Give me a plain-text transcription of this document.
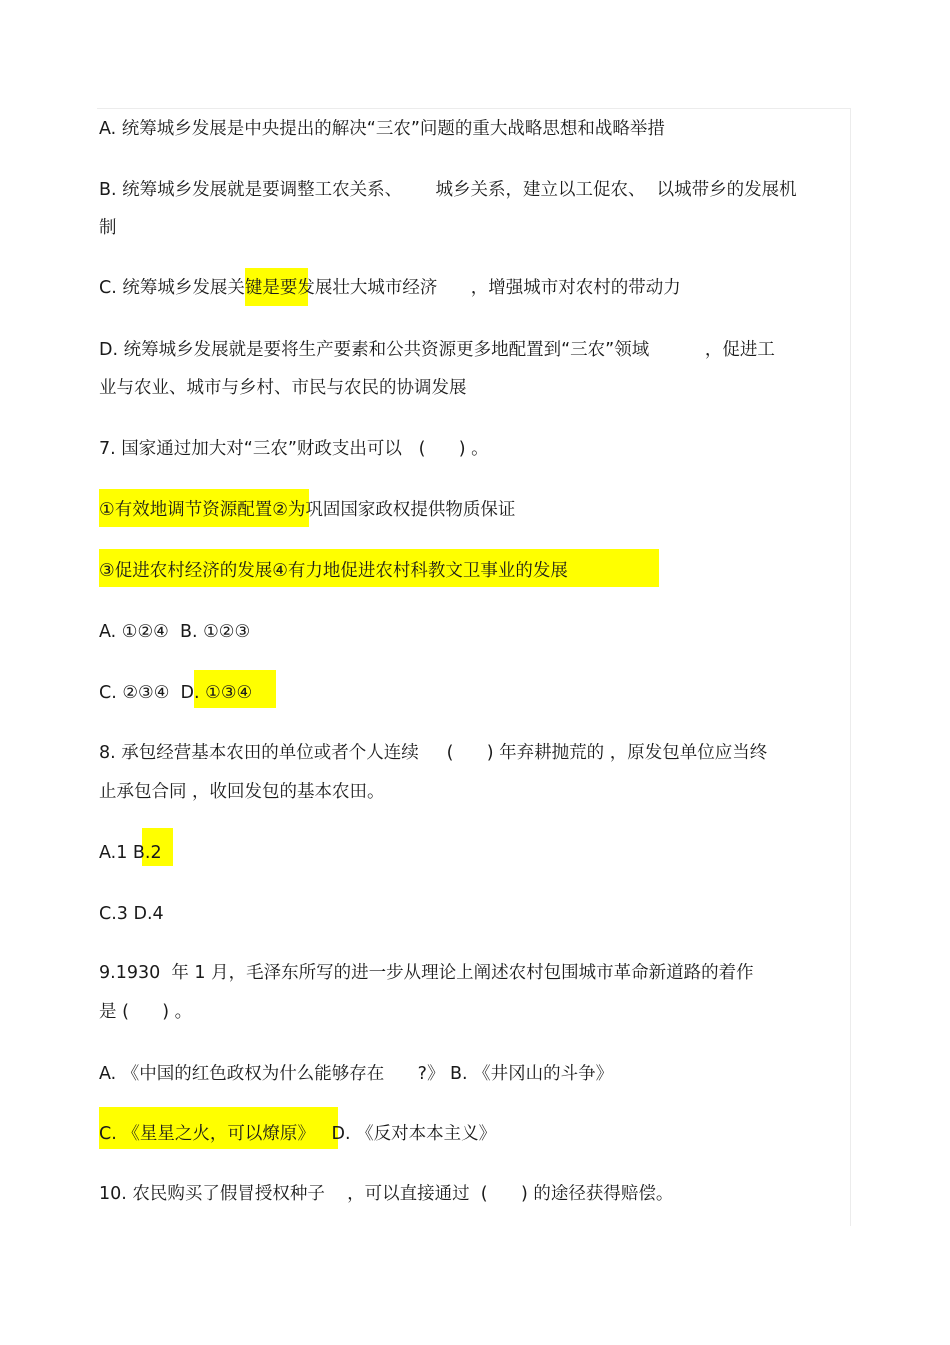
A. 统筹城乡发展是中央提出的解决“三农”问题的重大战略思想和战略举措
B. 统筹城乡发展就是要调整工农关系、      城乡关系，建立以工促农、  以城带乡的发展机
制
C. 统筹城乡发展关键是要发展壮大城市经济      ，增强城市对农村的带动力
D. 统筹城乡发展就是要将生产要素和公共资源更多地配置到“三农”领域          ，促进工
业与农业、城市与乡村、市民与农民的协调发展
7. 国家通过加大对“三农”财政支出可以   (      ) 。
①有效地调节资源配置②为巩固国家政权提供物质保证
③促进农村经济的发展④有力地促进农村科教文卫事业的发展
A. ①②④  B. ①②③
C. ②③④  D. ①③④
8. 承包经营基本农田的单位或者个人连续     (      ) 年弃耕抛荒的 ，原发包单位应当终
止承包合同 ，收回发包的基本农田。
A.1 B.2
C.3 D.4
9.1930  年 1 月，毛泽东所写的进一步从理论上阐述农村包围城市革命新道路的着作
是 (      ) 。
A. 《中国的红色政权为什么能够存在      ?》 B. 《井冈山的斗争》
C. 《星星之火，可以燎原》   D. 《反对本本主义》
10. 农民购买了假冒授权种子    ，可以直接通过  (      ) 的途径获得赔偿。
